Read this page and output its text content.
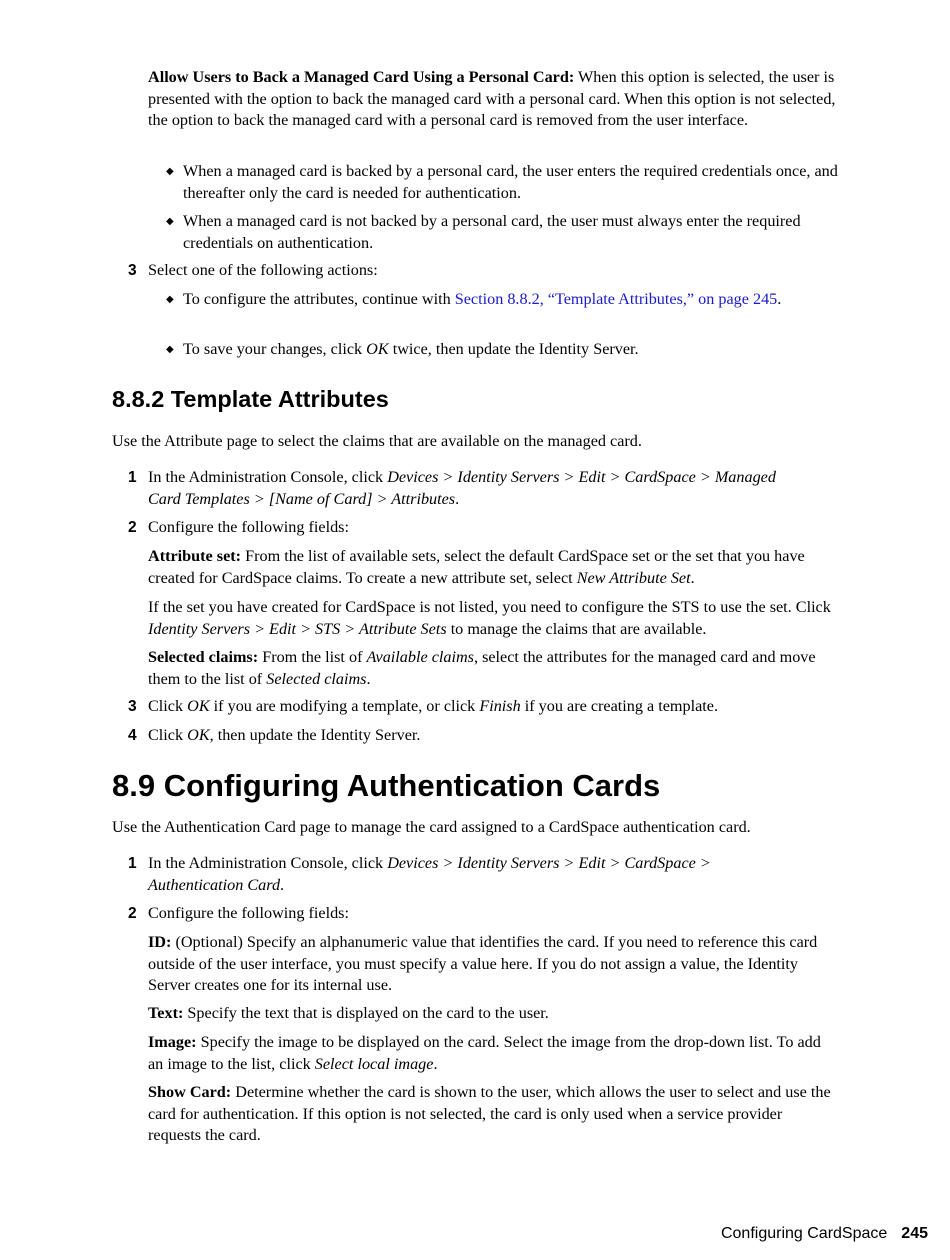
Allow Users to Back a Managed Card Using a Personal Card: When this option is selected, the user is presented with the option to back the managed card with a personal card. When this option is not selected, the option to back the managed card with a personal card is removed from the user interface.

◆ When a managed card is backed by a personal card, the user enters the required credentials once, and thereafter only the card is needed for authentication.

◆ When a managed card is not backed by a personal card, the user must always enter the required credentials on authentication.

3 Select one of the following actions:

◆ To configure the attributes, continue with Section 8.8.2, “Template Attributes,” on page 245.

◆ To save your changes, click OK twice, then update the Identity Server.

8.8.2 Template Attributes

Use the Attribute page to select the claims that are available on the managed card.

1 In the Administration Console, click Devices > Identity Servers > Edit > CardSpace > Managed Card Templates > [Name of Card] > Attributes.

2 Configure the following fields:

Attribute set: From the list of available sets, select the default CardSpace set or the set that you have created for CardSpace claims. To create a new attribute set, select New Attribute Set.

If the set you have created for CardSpace is not listed, you need to configure the STS to use the set. Click Identity Servers > Edit > STS > Attribute Sets to manage the claims that are available.

Selected claims: From the list of Available claims, select the attributes for the managed card and move them to the list of Selected claims.

3 Click OK if you are modifying a template, or click Finish if you are creating a template.

4 Click OK, then update the Identity Server.

8.9 Configuring Authentication Cards

Use the Authentication Card page to manage the card assigned to a CardSpace authentication card.

1 In the Administration Console, click Devices > Identity Servers > Edit > CardSpace > Authentication Card.

2 Configure the following fields:

ID: (Optional) Specify an alphanumeric value that identifies the card. If you need to reference this card outside of the user interface, you must specify a value here. If you do not assign a value, the Identity Server creates one for its internal use.

Text: Specify the text that is displayed on the card to the user.

Image: Specify the image to be displayed on the card. Select the image from the drop-down list. To add an image to the list, click Select local image.

Show Card: Determine whether the card is shown to the user, which allows the user to select and use the card for authentication. If this option is not selected, the card is only used when a service provider requests the card.

Configuring CardSpace 245
